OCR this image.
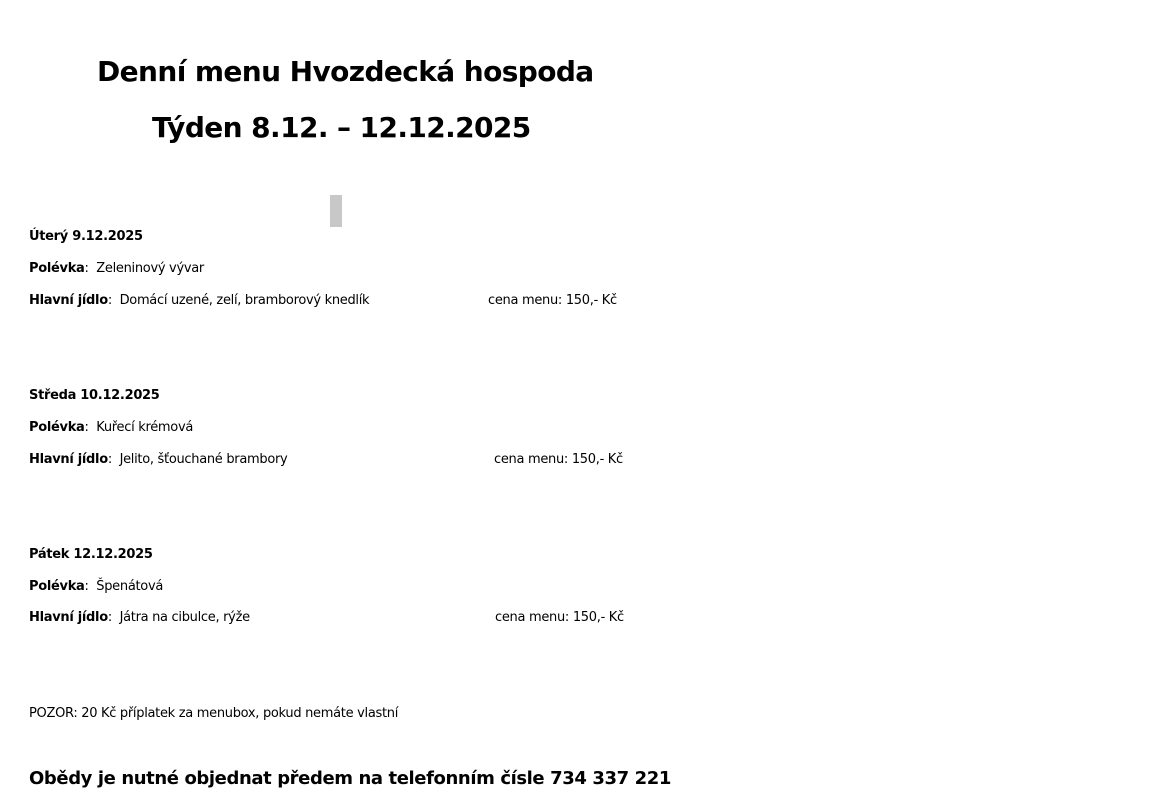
Denní menu Hvozdecká hospoda
Týden 8.12. – 12.12.2025
Úterý 9.12.2025
Polévka:  Zeleninový vývar
Hlavní jídlo:  Domácí uzené, zelí, bramborový knedlík	cena menu: 150,- Kč
Středa 10.12.2025
Polévka:  Kuřecí krémová
Hlavní jídlo:  Jelito, šťouchané brambory	cena menu: 150,- Kč
Pátek 12.12.2025
Polévka:  Špenátová
Hlavní jídlo:  Játra na cibulce, rýže	cena menu: 150,- Kč
POZOR: 20 Kč příplatek za menubox, pokud nemáte vlastní
Obědy je nutné objednat předem na telefonním čísle 734 337 221
